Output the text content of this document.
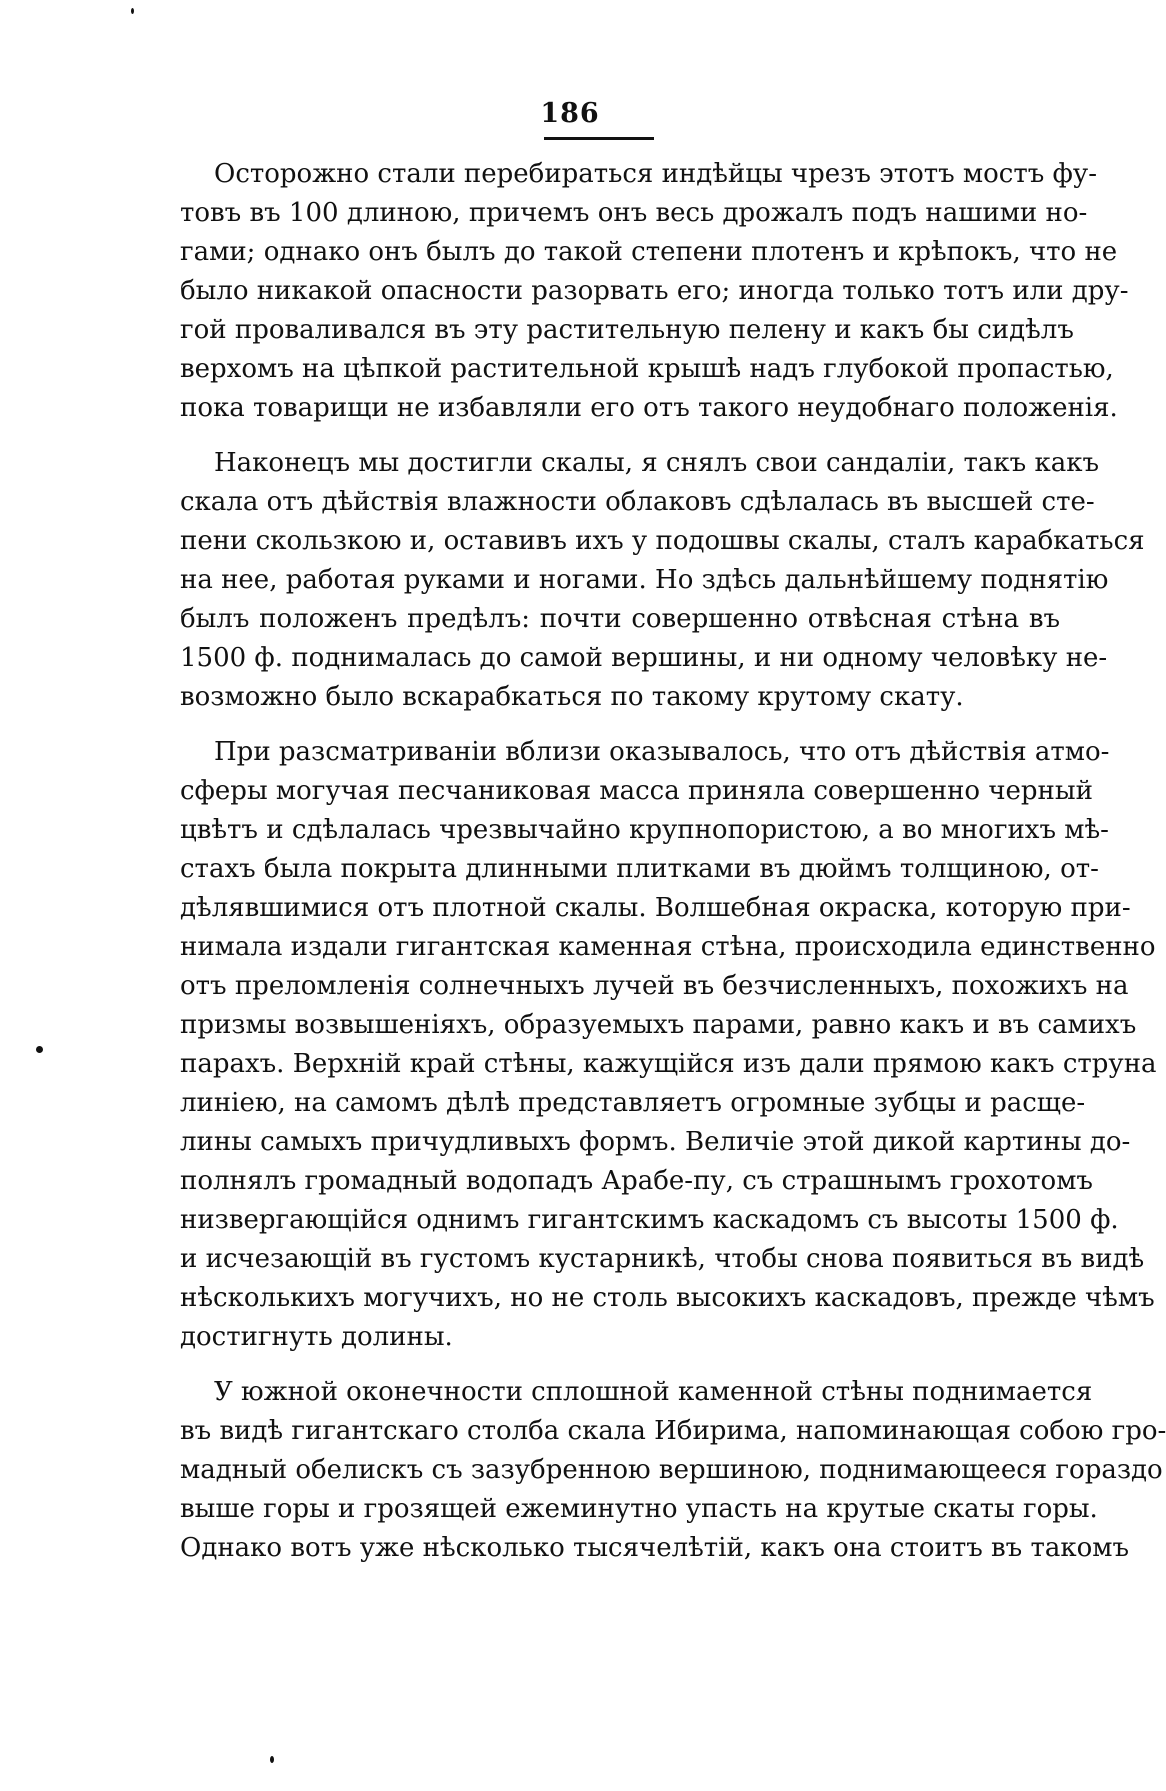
186
Осторожно стали перебираться индѣйцы чрезъ этотъ мостъ фу-
товъ въ 100 длиною, причемъ онъ весь дрожалъ подъ нашими но-
гами; однако онъ былъ до такой степени плотенъ и крѣпокъ, что не
было никакой опасности разорвать его; иногда только тотъ или дру-
гой проваливался въ эту растительную пелену и какъ бы сидѣлъ
верхомъ на цѣпкой растительной крышѣ надъ глубокой пропастью,
пока товарищи не избавляли его отъ такого неудобнаго положенія.
Наконецъ мы достигли скалы, я снялъ свои сандаліи, такъ какъ
скала отъ дѣйствія влажности облаковъ сдѣлалась въ высшей сте-
пени скользкою и, оставивъ ихъ у подошвы скалы, сталъ карабкаться
на нее, работая руками и ногами. Но здѣсь дальнѣйшему поднятію
былъ положенъ предѣлъ: почти совершенно отвѣсная стѣна въ
1500 ф. поднималась до самой вершины, и ни одному человѣку не-
возможно было вскарабкаться по такому крутому скату.
При разсматриваніи вблизи оказывалось, что отъ дѣйствія атмо-
сферы могучая песчаниковая масса приняла совершенно черный
цвѣтъ и сдѣлалась чрезвычайно крупнопористою, а во многихъ мѣ-
стахъ была покрыта длинными плитками въ дюймъ толщиною, от-
дѣлявшимися отъ плотной скалы. Волшебная окраска, которую при-
нимала издали гигантская каменная стѣна, происходила единственно
отъ преломленія солнечныхъ лучей въ безчисленныхъ, похожихъ на
призмы возвышеніяхъ, образуемыхъ парами, равно какъ и въ самихъ
парахъ. Верхній край стѣны, кажущійся изъ дали прямою какъ струна
линіею, на самомъ дѣлѣ представляетъ огромные зубцы и расще-
лины самыхъ причудливыхъ формъ. Величіе этой дикой картины до-
полнялъ громадный водопадъ Арабе-пу, съ страшнымъ грохотомъ
низвергающійся однимъ гигантскимъ каскадомъ съ высоты 1500 ф.
и исчезающій въ густомъ кустарникѣ, чтобы снова появиться въ видѣ
нѣсколькихъ могучихъ, но не столь высокихъ каскадовъ, прежде чѣмъ
достигнуть долины.
У южной оконечности сплошной каменной стѣны поднимается
въ видѣ гигантскаго столба скала Ибирима, напоминающая собою гро-
мадный обелискъ съ зазубренною вершиною, поднимающееся гораздо
выше горы и грозящей ежеминутно упасть на крутые скаты горы.
Однако вотъ уже нѣсколько тысячелѣтій, какъ она стоитъ въ такомъ
